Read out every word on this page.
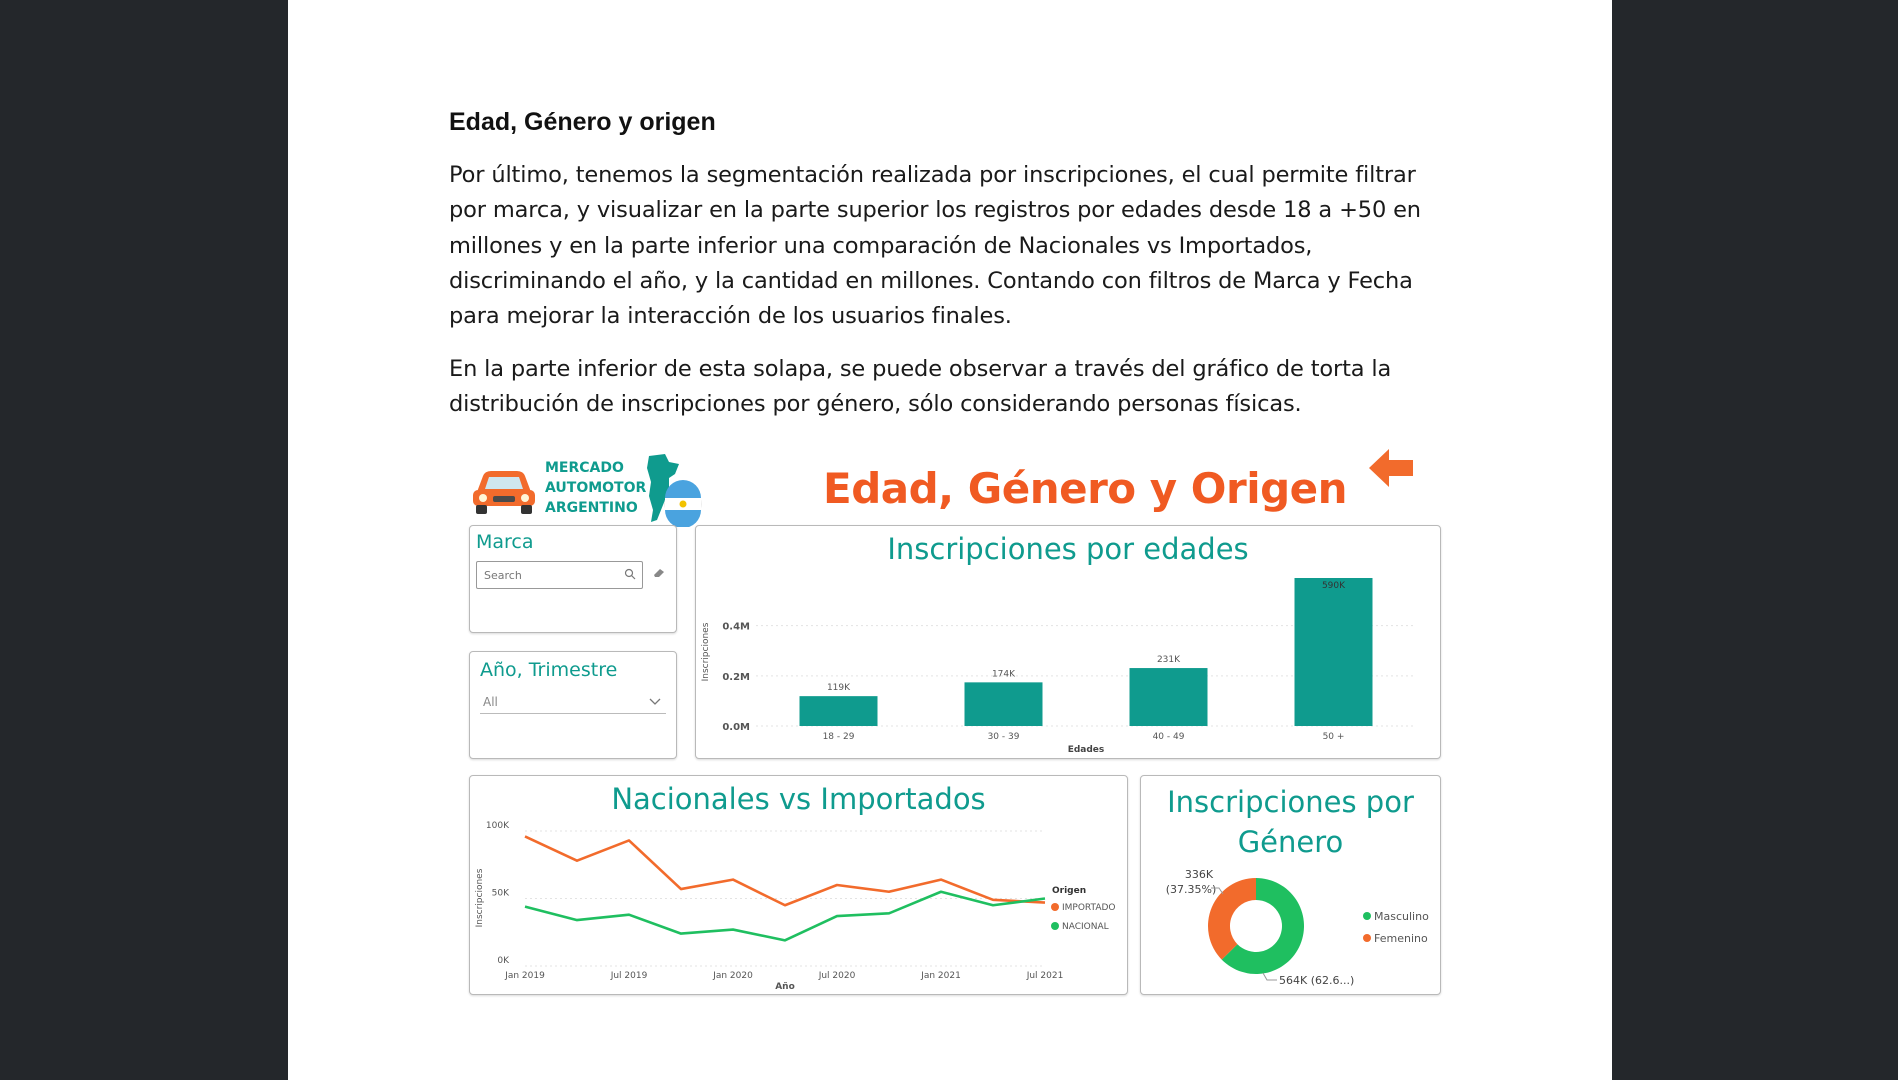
Edad, Género y origen

Por último, tenemos la segmentación realizada por inscripciones, el cual permite filtrar por marca, y visualizar en la parte superior los registros por edades desde 18 a +50 en millones y en la parte inferior una comparación de Nacionales vs Importados, discriminando el año, y la cantidad en millones. Contando con filtros de Marca y Fecha para mejorar la interacción de los usuarios finales.

En la parte inferior de esta solapa, se puede observar a través del gráfico de torta la distribución de inscripciones por género, sólo considerando personas físicas.

MERCADO
AUTOMOTOR
ARGENTINO	Edad, Género y Origen
Marca
Search
Año, Trimestre
All
Inscripciones por edades
0.0M
0.2M
0.4M
Inscripciones
119K
18 - 29
174K
30 - 39
231K
40 - 49
590K
50 +
Edades
Nacionales vs Importados
0K
50K
100K
Inscripciones
Jan 2019	Jul 2019	Jan 2020	Jul 2020	Jan 2021	Jul 2021
Año
Origen
IMPORTADO
NACIONAL
Inscripciones por Género
564K (62.6...)
336K
(37.35%)
Masculino
Femenino
